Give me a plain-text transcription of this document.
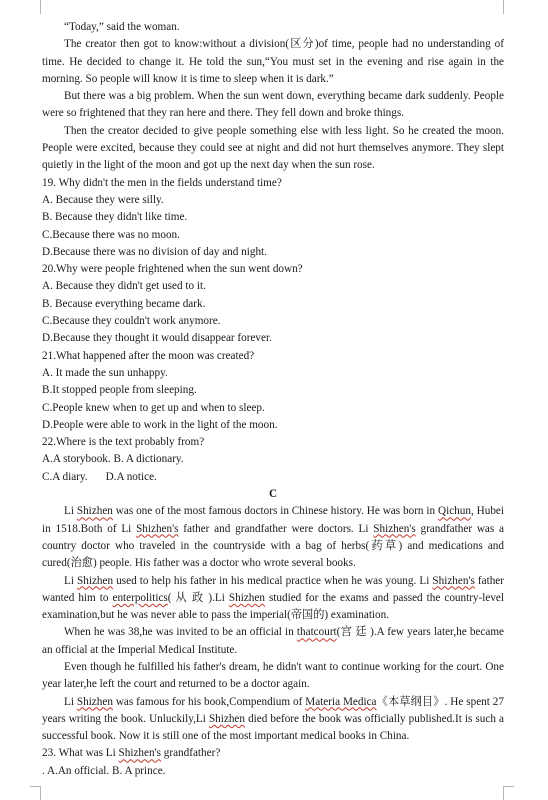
“Today,” said the woman.

The creator then got to know:without a division(区分)of time, people had no understanding of time. He decided to change it. He told the sun,“You must set in the evening and rise again in the morning. So people will know it is time to sleep when it is dark.”

But there was a big problem. When the sun went down, everything became dark suddenly. People were so frightened that they ran here and there. They fell down and broke things.

Then the creator decided to give people something else with less light. So he created the moon. People were excited, because they could see at night and did not hurt themselves anymore. They slept quietly in the light of the moon and got up the next day when the sun rose.

19. Why didn't the men in the fields understand time?

A. Because they were silly.

B. Because they didn't like time.

C.Because there was no moon.

D.Because there was no division of day and night.

20.Why were people frightened when the sun went down?

A. Because they didn't get used to it.

B. Because everything became dark.

C.Because they couldn't work anymore.

D.Because they thought it would disappear forever.

21.What happened after the moon was created?

A. It made the sun unhappy.

B.It stopped people from sleeping.

C.People knew when to get up and when to sleep.

D.People were able to work in the light of the moon.

22.Where is the text probably from?

A.A storybook. B. A dictionary.

C.A diary. D.A notice.

C

Li Shizhen was one of the most famous doctors in Chinese history. He was born in Qichun, Hubei in 1518.Both of Li Shizhen's father and grandfather were doctors. Li Shizhen's grandfather was a country doctor who traveled in the countryside with a bag of herbs(药草) and medications and cured(治愈) people. His father was a doctor who wrote several books.

Li Shizhen used to help his father in his medical practice when he was young. Li Shizhen's father wanted him to enterpolitics( 从 政 ).Li Shizhen studied for the exams and passed the country-level examination,but he was never able to pass the imperial(帝国的) examination.

When he was 38,he was invited to be an official in thatcourt(宫 廷 ).A few years later,he became an official at the Imperial Medical Institute.

Even though he fulfilled his father's dream, he didn't want to continue working for the court. One year later,he left the court and returned to be a doctor again.

Li Shizhen was famous for his book,Compendium of Materia Medica《本草纲目》. He spent 27 years writing the book. Unluckily,Li Shizhen died before the book was officially published.It is such a successful book. Now it is still one of the most important medical books in China.

23. What was Li Shizhen's grandfather?

. A.An official. B. A prince.
